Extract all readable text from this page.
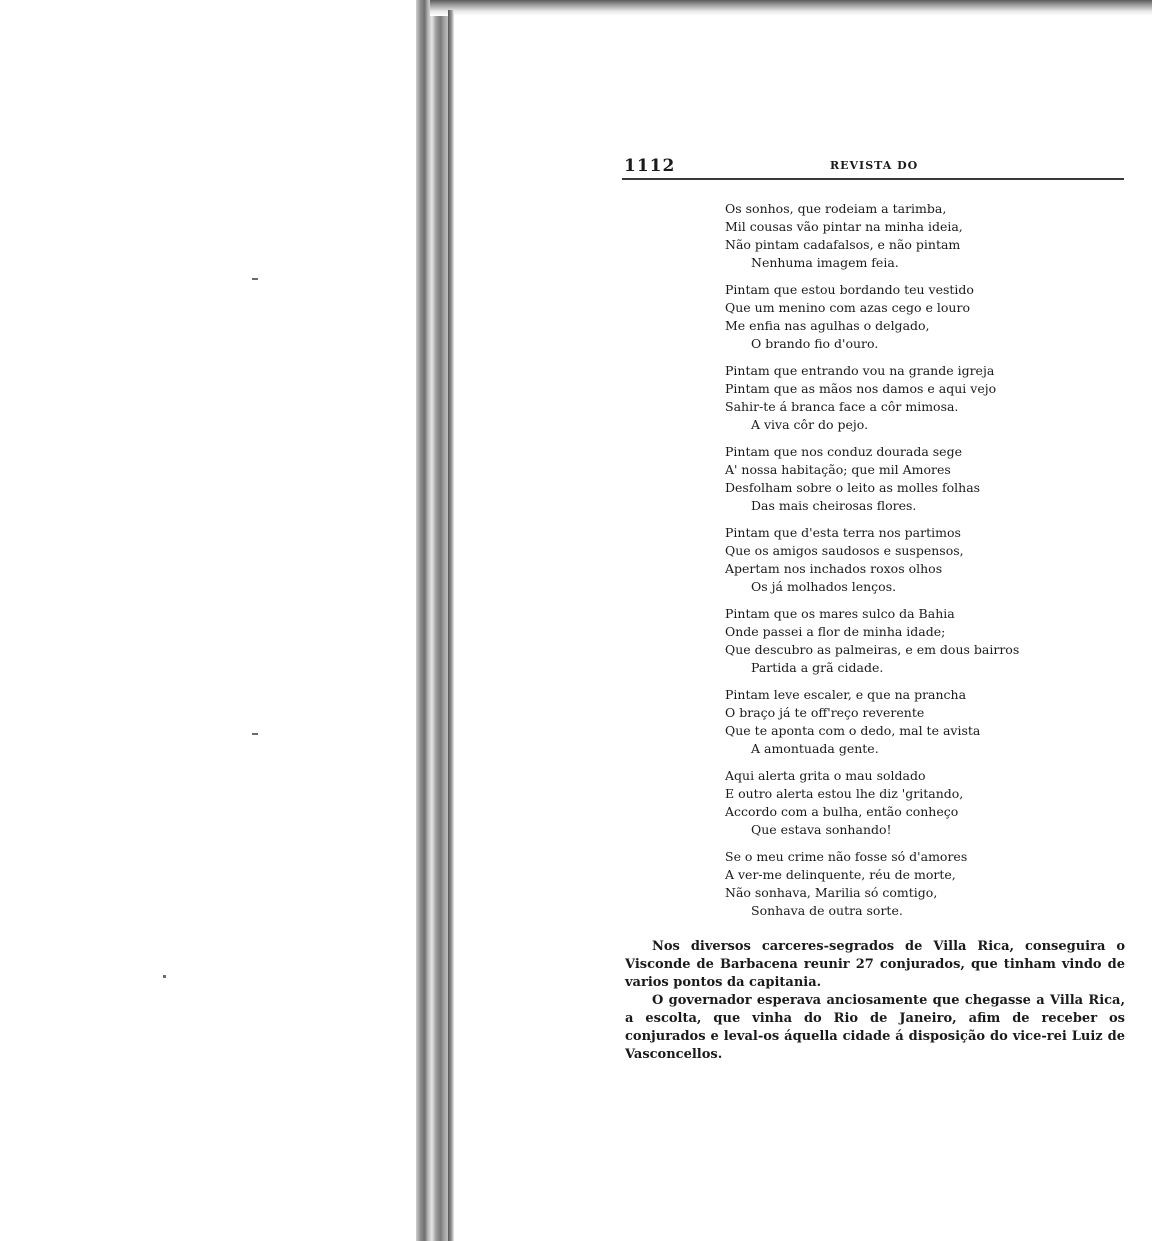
1112	REVISTA DO
Os sonhos, que rodeiam a tarimba,
Mil cousas vão pintar na minha ideia,
Não pintam cadafalsos, e não pintam
Nenhuma imagem feia.
Pintam que estou bordando teu vestido
Que um menino com azas cego e louro
Me enfia nas agulhas o delgado,
O brando fio d'ouro.
Pintam que entrando vou na grande igreja
Pintam que as mãos nos damos e aqui vejo
Sahir-te á branca face a côr mimosa.
A viva côr do pejo.
Pintam que nos conduz dourada sege
A' nossa habitação; que mil Amores
Desfolham sobre o leito as molles folhas
Das mais cheirosas flores.
Pintam que d'esta terra nos partimos
Que os amigos saudosos e suspensos,
Apertam nos inchados roxos olhos
Os já molhados lenços.
Pintam que os mares sulco da Bahia
Onde passei a flor de minha idade;
Que descubro as palmeiras, e em dous bairros
Partida a grã cidade.
Pintam leve escaler, e que na prancha
O braço já te off'reço reverente
Que te aponta com o dedo, mal te avista
A amontuada gente.
Aqui alerta grita o mau soldado
E outro alerta estou lhe diz 'gritando,
Accordo com a bulha, então conheço
Que estava sonhando!
Se o meu crime não fosse só d'amores
A ver-me delinquente, réu de morte,
Não sonhava, Marilia só comtigo,
Sonhava de outra sorte.

Nos diversos carceres-segrados de Villa Rica, conseguira o Visconde de Barbacena reunir 27 conjurados, que tinham vindo de varios pontos da capitania.

O governador esperava anciosamente que chegasse a Villa Rica, a escolta, que vinha do Rio de Janeiro, afim de receber os conjurados e leval-os áquella cidade á disposição do vice-rei Luiz de Vasconcellos.
